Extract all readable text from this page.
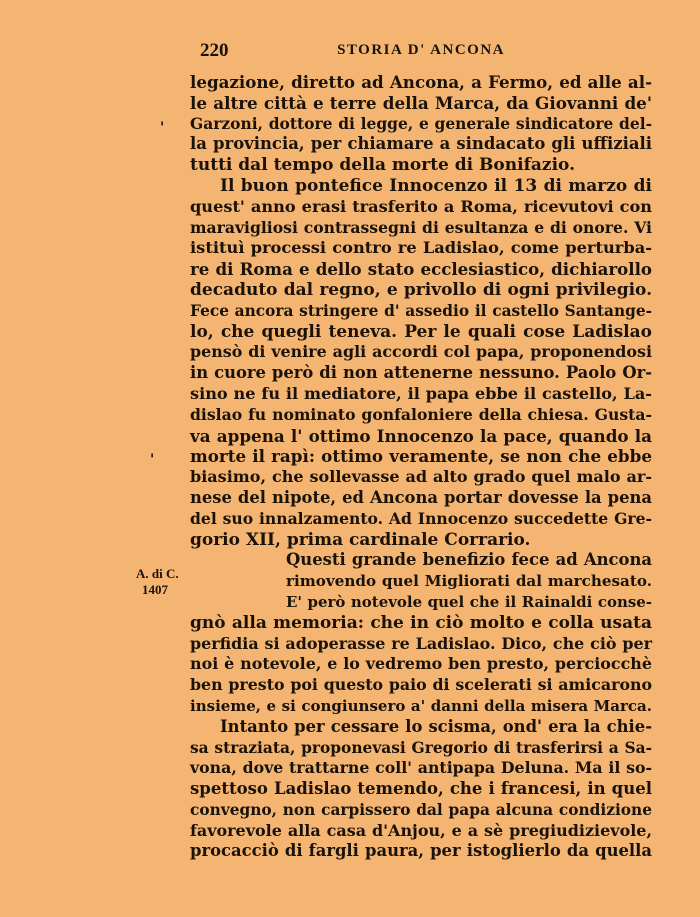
220	STORIA D' ANCONA
'
'
A. di C.
1407
legazione, diretto ad Ancona, a Fermo, ed alle al-
le altre città e terre della Marca, da Giovanni de'
Garzoni, dottore di legge, e generale sindicatore del-
la provincia, per chiamare a sindacato gli uffiziali
tutti dal tempo della morte di Bonifazio.
Il buon pontefice Innocenzo il 13 di marzo di
quest' anno erasi trasferito a Roma, ricevutovi con
maravigliosi contrassegni di esultanza e di onore. Vi
istituì processi contro re Ladislao, come perturba-
re di Roma e dello stato ecclesiastico, dichiarollo
decaduto dal regno, e privollo di ogni privilegio.
Fece ancora stringere d' assedio il castello Santange-
lo, che quegli teneva. Per le quali cose Ladislao
pensò di venire agli accordi col papa, proponendosi
in cuore però di non attenerne nessuno. Paolo Or-
sino ne fu il mediatore, il papa ebbe il castello, La-
dislao fu nominato gonfaloniere della chiesa. Gusta-
va appena l' ottimo Innocenzo la pace, quando la
morte il rapì: ottimo veramente, se non che ebbe
biasimo, che sollevasse ad alto grado quel malo ar-
nese del nipote, ed Ancona portar dovesse la pena
del suo innalzamento. Ad Innocenzo succedette Gre-
gorio XII, prima cardinale Corrario.
Questi grande benefizio fece ad Ancona
rimovendo quel Migliorati dal marchesato.
E' però notevole quel che il Rainaldi conse-
gnò alla memoria: che in ciò molto e colla usata
perfidia si adoperasse re Ladislao. Dico, che ciò per
noi è notevole, e lo vedremo ben presto, perciocchè
ben presto poi questo paio di scelerati si amicarono
insieme, e si congiunsero a' danni della misera Marca.
Intanto per cessare lo scisma, ond' era la chie-
sa straziata, proponevasi Gregorio di trasferirsi a Sa-
vona, dove trattarne coll' antipapa Deluna. Ma il so-
spettoso Ladislao temendo, che i francesi, in quel
convegno, non carpissero dal papa alcuna condizione
favorevole alla casa d'Anjou, e a sè pregiudizievole,
procacciò di fargli paura, per istoglierlo da quella
